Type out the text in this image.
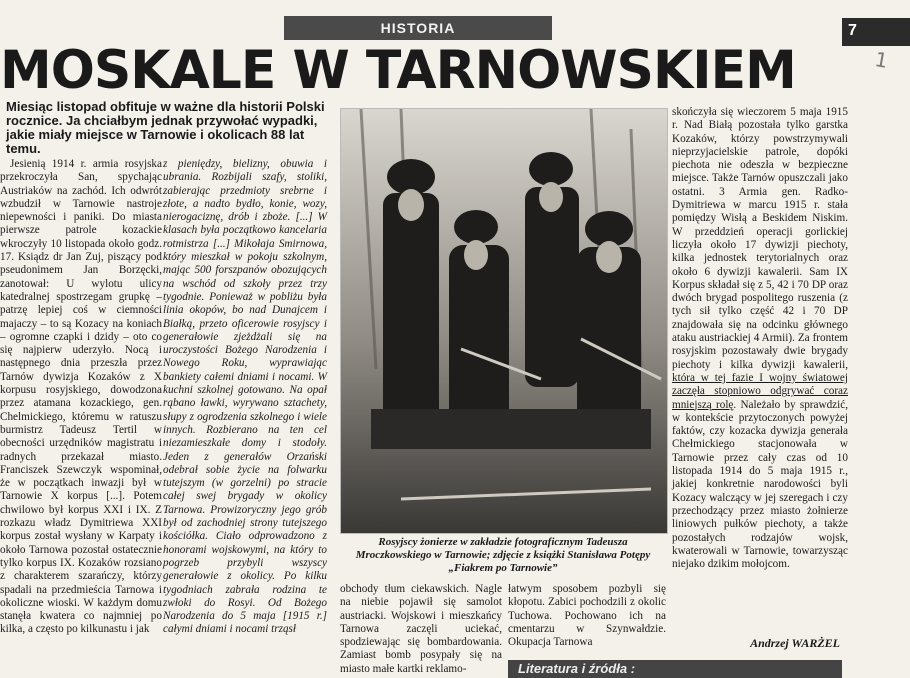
HISTORIA	7
1
MOSKALE W TARNOWSKIEM
Miesiąc listopad obfituje w ważne dla historii Polski rocznice. Ja chciałbym jednak przywołać wypadki, jakie miały miejsce w Tarnowie i okolicach 88 lat temu.

Jesienią 1914 r. armia rosyjska przekroczyła San, spychając Austriaków na zachód. Ich odwrót wzbudził w Tarnowie nastroje niepewności i paniki. Do miasta pierwsze patrole kozackie wkroczyły 10 listopada około godz. 17. Ksiądz dr Jan Zuj, piszący pod pseudonimem Jan Borzęcki, zanotował: U wylotu ulicy katedralnej spostrzegam grupkę – patrzę lepiej coś w ciemności majaczy – to są Kozacy na koniach – ogromne czapki i dzidy – oto co się najpierw uderzyło. Nocą i następnego dnia przeszła przez Tarnów dywizja Kozaków z X korpusu rosyjskiego, dowodzona przez atamana kozackiego, gen. Chelmickiego, któremu w ratuszu burmistrz Tadeusz Tertil w obecności urzędników magistratu i radnych przekazał miasto. Franciszek Szewczyk wspominał, że w początkach inwazji był w Tarnowie X korpus [...]. Potem chwilowo był korpus XXI i IX. Z rozkazu władz Dymitriewa XXI korpus został wysłany w Karpaty i około Tarnowa pozostał ostatecznie tylko korpus IX. Kozaków rozsiano z charakterem szarańczy, którzy spadali na przedmieścia Tarnowa i okoliczne wioski. W każdym domu stanęła kwatera co najmniej po kilka, a często po kilkunastu i jak

z pieniędzy, bielizny, obuwia i ubrania. Rozbijali szafy, stoliki, zabierając przedmioty srebrne i złote, a nadto bydło, konie, wozy, nierogaciznę, drób i zboże. [...] W klasach była początkowo kancelaria rotmistrza [...] Mikołaja Smirnowa, który mieszkał w pokoju szkolnym, mając 500 forszpanów obozujących na wschód od szkoły przez trzy tygodnie. Ponieważ w pobliżu była linia okopów, bo nad Dunajcem i Białką, przeto oficerowie rosyjscy i generałowie zjeżdżali się na uroczystości Bożego Narodzenia i Nowego Roku, wyprawiając bankiety całemi dniami i nocami. W kuchni szkolnej gotowano. Na opał rąbano ławki, wyrywano sztachety, słupy z ogrodzenia szkolnego i wiele innych. Rozbierano na ten cel niezamieszkałe domy i stodoły. Jeden z generałów Orzański odebrał sobie życie na folwarku tutejszym (w gorzelni) po stracie całej swej brygady w okolicy Tarnowa. Prowizoryczny jego grób był od zachodniej strony tutejszego kościółka. Ciało odprowadzono z honorami wojskowymi, na który to pogrzeb przybyli wszyscy generałowie z okolicy. Po kilku tygodniach zabrała rodzina te zwłoki do Rosyi. Od Bożego Narodzenia do 5 maja [1915 r.] całymi dniami i nocami trząsł

Rosyjscy żonierze w zakładzie fotograficznym Tadeusza Mroczkowskiego w Tarnowie; zdjęcie z książki Stanisława Potępy „Fiakrem po Tarnowie”

obchody tłum ciekawskich. Nagle na niebie pojawił się samolot austriacki. Wojskowi i mieszkańcy Tarnowa zaczęli uciekać, spodziewając się bombardowania. Zamiast bomb posypały się na miasto małe kartki reklamo-

łatwym sposobem pozbyli się kłopotu. Zabici pochodzili z okolic Tuchowa. Pochowano ich na cmentarzu w Szynwałdzie. Okupacja Tarnowa

skończyła się wieczorem 5 maja 1915 r. Nad Białą pozostała tylko garstka Kozaków, którzy powstrzymywali nieprzyjacielskie patrole, dopóki piechota nie odeszła w bezpieczne miejsce. Także Tarnów opuszczali jako ostatni. 3 Armia gen. Radko-Dymitriewa w marcu 1915 r. stała pomiędzy Wisłą a Beskidem Niskim. W przeddzień operacji gorlickiej liczyła około 17 dywizji piechoty, kilka jednostek terytorialnych oraz około 6 dywizji kawalerii. Sam IX Korpus składał się z 5, 42 i 70 DP oraz dwóch brygad pospolitego ruszenia (z tych sił tylko część 42 i 70 DP znajdowała się na odcinku głównego ataku austriackiej 4 Armii). Za frontem rosyjskim pozostawały dwie brygady piechoty i kilka dywizji kawalerii, która w tej fazie I wojny światowej zaczęła stopniowo odgrywać coraz mniejszą rolę. Należało by sprawdzić, w kontekście przytoczonych powyżej faktów, czy kozacka dywizja generała Chełmickiego stacjonowała w Tarnowie przez cały czas od 10 listopada 1914 do 5 maja 1915 r., jakiej konkretnie narodowości byli Kozacy walczący w jej szeregach i czy przechodzący przez miasto żołnierze liniowych pułków piechoty, a także pozostałych rodzajów wojsk, kwaterowali w Tarnowie, towarzysząc niejako dzikim mołojcom.

Andrzej WARŻEL
Literatura i źródła :
